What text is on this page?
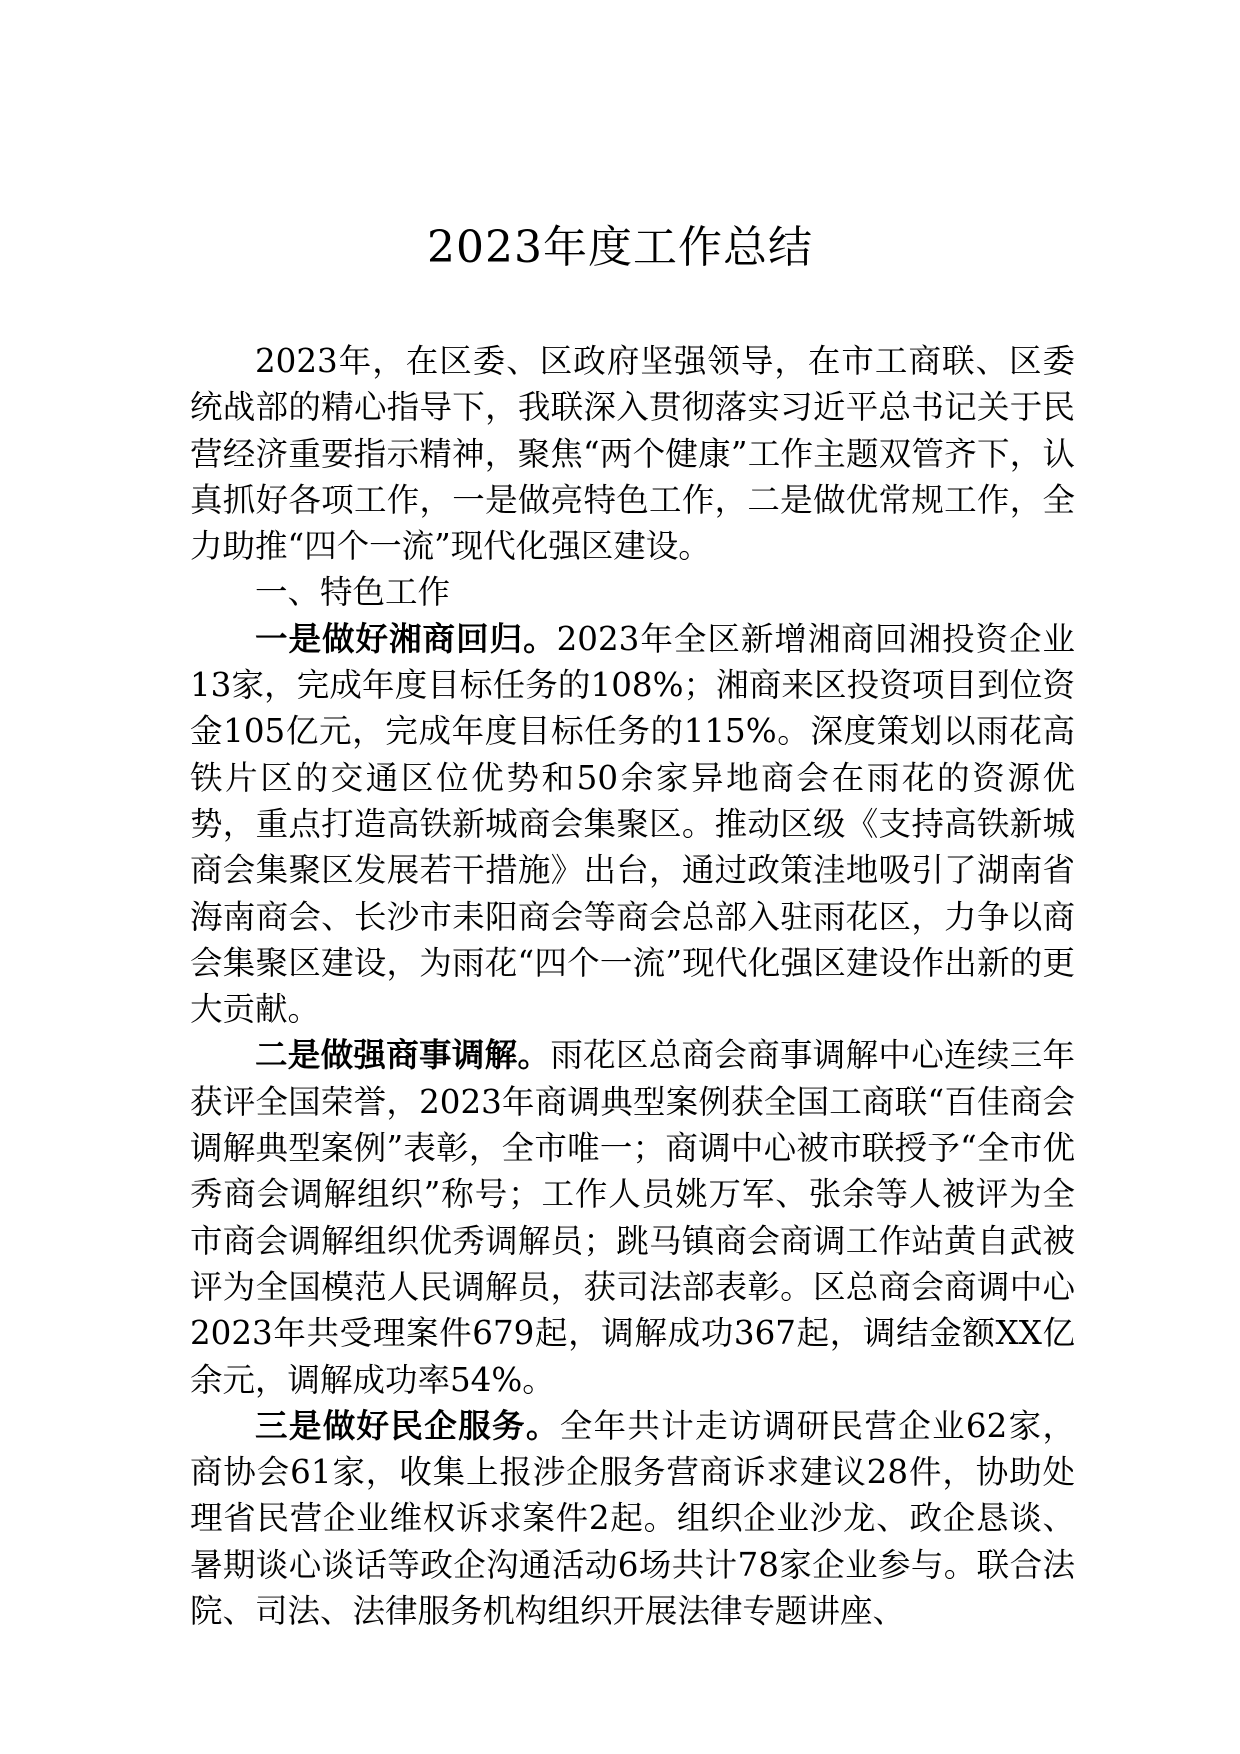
2023年度工作总结

2023年，在区委、区政府坚强领导，在市工商联、区委统战部的精心指导下，我联深入贯彻落实习近平总书记关于民营经济重要指示精神，聚焦“两个健康”工作主题双管齐下，认真抓好各项工作，一是做亮特色工作，二是做优常规工作，全力助推“四个一流”现代化强区建设。

一、特色工作

一是做好湘商回归。2023年全区新增湘商回湘投资企业13家，完成年度目标任务的108%；湘商来区投资项目到位资金105亿元，完成年度目标任务的115%。深度策划以雨花高铁片区的交通区位优势和50余家异地商会在雨花的资源优势，重点打造高铁新城商会集聚区。推动区级《支持高铁新城商会集聚区发展若干措施》出台，通过政策洼地吸引了湖南省海南商会、长沙市耒阳商会等商会总部入驻雨花区，力争以商会集聚区建设，为雨花“四个一流”现代化强区建设作出新的更大贡献。

二是做强商事调解。雨花区总商会商事调解中心连续三年获评全国荣誉，2023年商调典型案例获全国工商联“百佳商会调解典型案例”表彰，全市唯一；商调中心被市联授予“全市优秀商会调解组织”称号；工作人员姚万军、张余等人被评为全市商会调解组织优秀调解员；跳马镇商会商调工作站黄自武被评为全国模范人民调解员，获司法部表彰。区总商会商调中心2023年共受理案件679起，调解成功367起，调结金额XX亿余元，调解成功率54%。

三是做好民企服务。全年共计走访调研民营企业62家，商协会61家，收集上报涉企服务营商诉求建议28件，协助处理省民营企业维权诉求案件2起。组织企业沙龙、政企恳谈、暑期谈心谈话等政企沟通活动6场共计78家企业参与。联合法院、司法、法律服务机构组织开展法律专题讲座、
